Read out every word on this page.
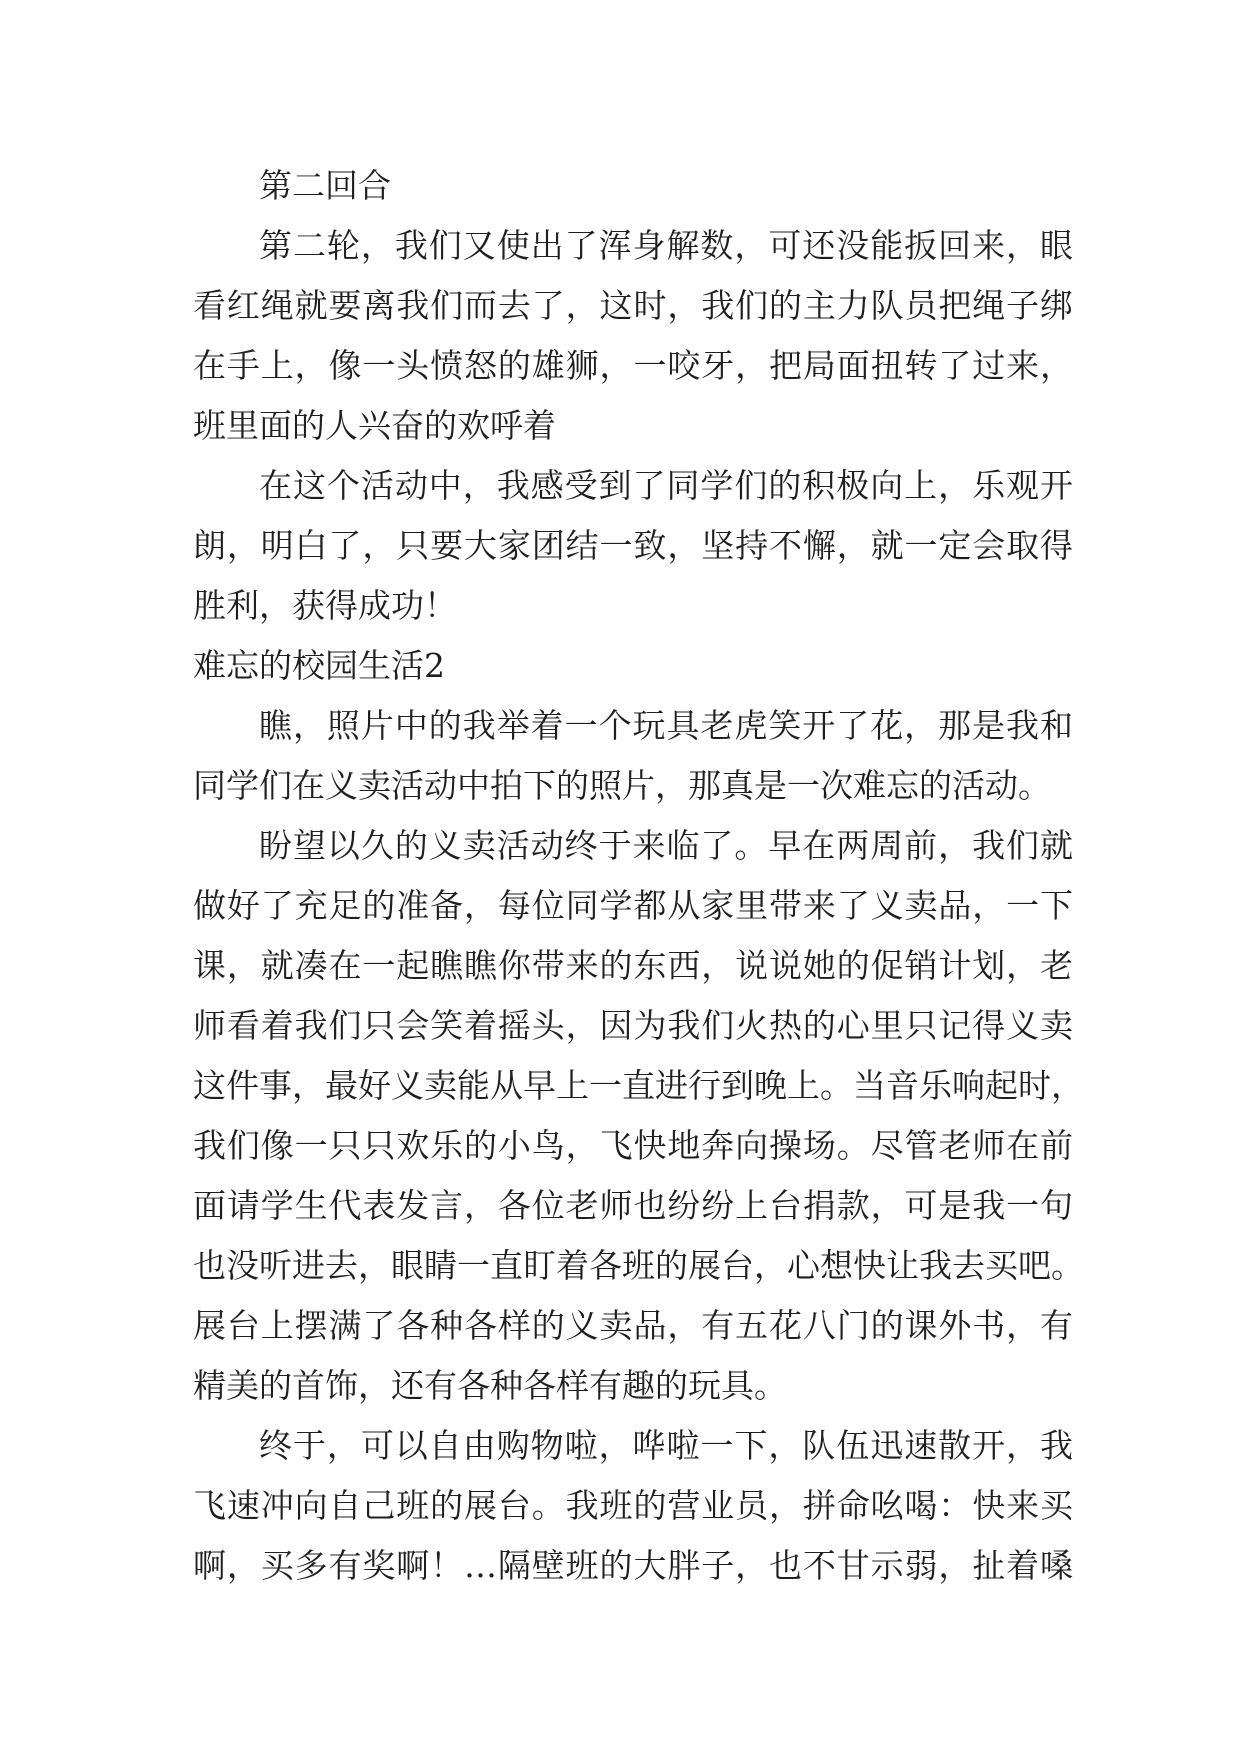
第二回合
第二轮，我们又使出了浑身解数，可还没能扳回来，眼
看红绳就要离我们而去了，这时，我们的主力队员把绳子绑
在手上，像一头愤怒的雄狮，一咬牙，把局面扭转了过来，
班里面的人兴奋的欢呼着
在这个活动中，我感受到了同学们的积极向上，乐观开
朗，明白了，只要大家团结一致，坚持不懈，就一定会取得
胜利，获得成功！
难忘的校园生活2
瞧，照片中的我举着一个玩具老虎笑开了花，那是我和
同学们在义卖活动中拍下的照片，那真是一次难忘的活动。
盼望以久的义卖活动终于来临了。早在两周前，我们就
做好了充足的准备，每位同学都从家里带来了义卖品，一下
课，就凑在一起瞧瞧你带来的东西，说说她的促销计划，老
师看着我们只会笑着摇头，因为我们火热的心里只记得义卖
这件事，最好义卖能从早上一直进行到晚上。当音乐响起时，
我们像一只只欢乐的小鸟，飞快地奔向操场。尽管老师在前
面请学生代表发言，各位老师也纷纷上台捐款，可是我一句
也没听进去，眼睛一直盯着各班的展台，心想快让我去买吧。
展台上摆满了各种各样的义卖品，有五花八门的课外书，有
精美的首饰，还有各种各样有趣的玩具。
终于，可以自由购物啦，哗啦一下，队伍迅速散开，我
飞速冲向自己班的展台。我班的营业员，拼命吆喝：快来买
啊，买多有奖啊！…隔壁班的大胖子，也不甘示弱，扯着嗓
